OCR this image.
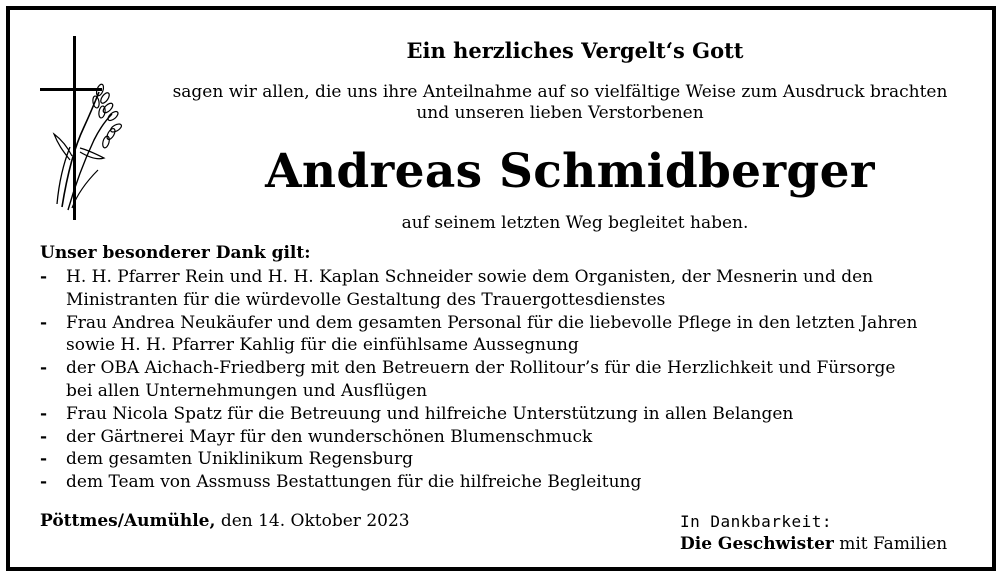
Ein herzliches Vergelt‘s Gott
sagen wir allen, die uns ihre Anteilnahme auf so vielfältige Weise zum Ausdruck brachten
und unseren lieben Verstorbenen
Andreas Schmidberger
auf seinem letzten Weg begleitet haben.
Unser besonderer Dank gilt:
- H. H. Pfarrer Rein und H. H. Kaplan Schneider sowie dem Organisten, der Mesnerin und den
Ministranten für die würdevolle Gestaltung des Trauergottesdienstes
- Frau Andrea Neukäufer und dem gesamten Personal für die liebevolle Pflege in den letzten Jahren
sowie H. H. Pfarrer Kahlig für die einfühlsame Aussegnung
- der OBA Aichach-Friedberg mit den Betreuern der Rollitour’s für die Herzlichkeit und Fürsorge
bei allen Unternehmungen und Ausflügen
- Frau Nicola Spatz für die Betreuung und hilfreiche Unterstützung in allen Belangen
- der Gärtnerei Mayr für den wunderschönen Blumenschmuck
- dem gesamten Uniklinikum Regensburg
- dem Team von Assmuss Bestattungen für die hilfreiche Begleitung
Pöttmes/Aumühle, den 14. Oktober 2023	In Dankbarkeit:
Die Geschwister mit Familien
